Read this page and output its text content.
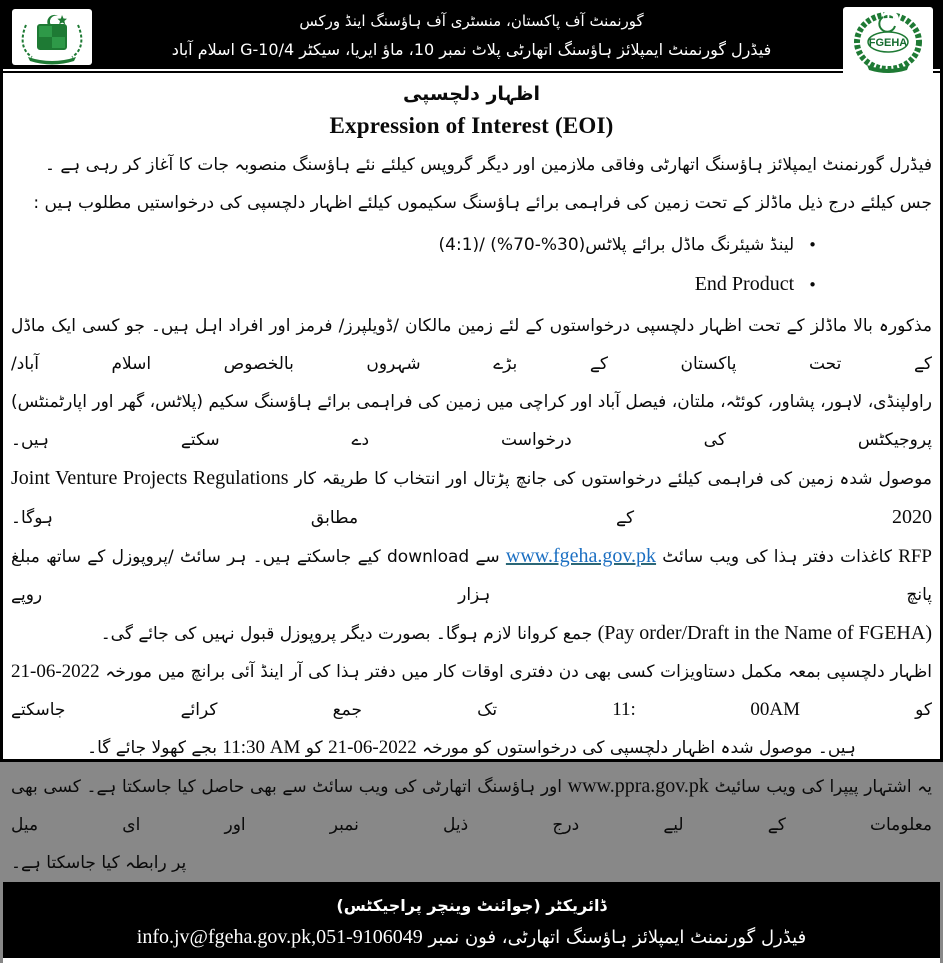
گورنمنٹ آف پاکستان، منسٹری آف ہاؤسنگ اینڈ ورکس
فیڈرل گورنمنٹ ایمپلائز ہاؤسنگ اتھارٹی پلاٹ نمبر 10، ماؤ ایریا، سیکٹر G-10/4 اسلام آباد	FGEHA
اظہار دلچسپی
Expression of Interest (EOI)
فیڈرل گورنمنٹ ایمپلائز ہاؤسنگ اتھارٹی وفاقی ملازمین اور دیگر گروپس کیلئے نئے ہاؤسنگ منصوبہ جات کا آغاز کر رہی ہے ۔
جس کیلئے درج ذیل ماڈلز کے تحت زمین کی فراہمی برائے ہاؤسنگ سکیموں کیلئے اظہار دلچسپی کی درخواستیں مطلوب ہیں :
•لینڈ شیئرنگ ماڈل برائے پلاٹس(30%-70%) /(4:1)
•End Product
مذکورہ بالا ماڈلز کے تحت اظہار دلچسپی درخواستوں کے لئے زمین مالکان /ڈویلپرز/ فرمز اور افراد اہل ہیں۔ جو کسی ایک ماڈل کے تحت پاکستان کے بڑے شہروں بالخصوص اسلام آباد/
راولپنڈی، لاہور، پشاور، کوئٹہ، ملتان، فیصل آباد اور کراچی میں زمین کی فراہمی برائے ہاؤسنگ سکیم (پلاٹس، گھر اور اپارٹمنٹس) پروجیکٹس کی درخواست دے سکتے ہیں۔
موصول شدہ زمین کی فراہمی کیلئے درخواستوں کی جانچ پڑتال اور انتخاب کا طریقہ کار Joint Venture Projects Regulations 2020 کے مطابق ہوگا۔
RFP کاغذات دفتر ہذا کی ویب سائٹ www.fgeha.gov.pk سے download کیے جاسکتے ہیں۔ ہر سائٹ /پروپوزل کے ساتھ مبلغ پانچ ہزار روپے
(Pay order/Draft in the Name of FGEHA) جمع کروانا لازم ہوگا۔ بصورت دیگر پروپوزل قبول نہیں کی جائے گی۔
اظہار دلچسپی بمعہ مکمل دستاویزات کسی بھی دن دفتری اوقات کار میں دفتر ہذا کی آر اینڈ آئی برانچ میں مورخہ 21-06-2022 کو 11: 00AM تک جمع کرائے جاسکتے
ہیں۔ موصول شدہ اظہار دلچسپی کی درخواستوں کو مورخہ 21-06-2022 کو 11:30 AM بجے کھولا جائے گا۔
یہ اشتہار پیپرا کی ویب سائیٹ www.ppra.gov.pk اور ہاؤسنگ اتھارٹی کی ویب سائٹ سے بھی حاصل کیا جاسکتا ہے۔ کسی بھی معلومات کے لیے درج ذیل نمبر اور ای میل
پر رابطہ کیا جاسکتا ہے۔
ڈائریکٹر (جوائنٹ وینچر پراجیکٹس)
فیڈرل گورنمنٹ ایمپلائز ہاؤسنگ اتھارٹی، فون نمبر info.jv@fgeha.gov.pk,051-9106049
